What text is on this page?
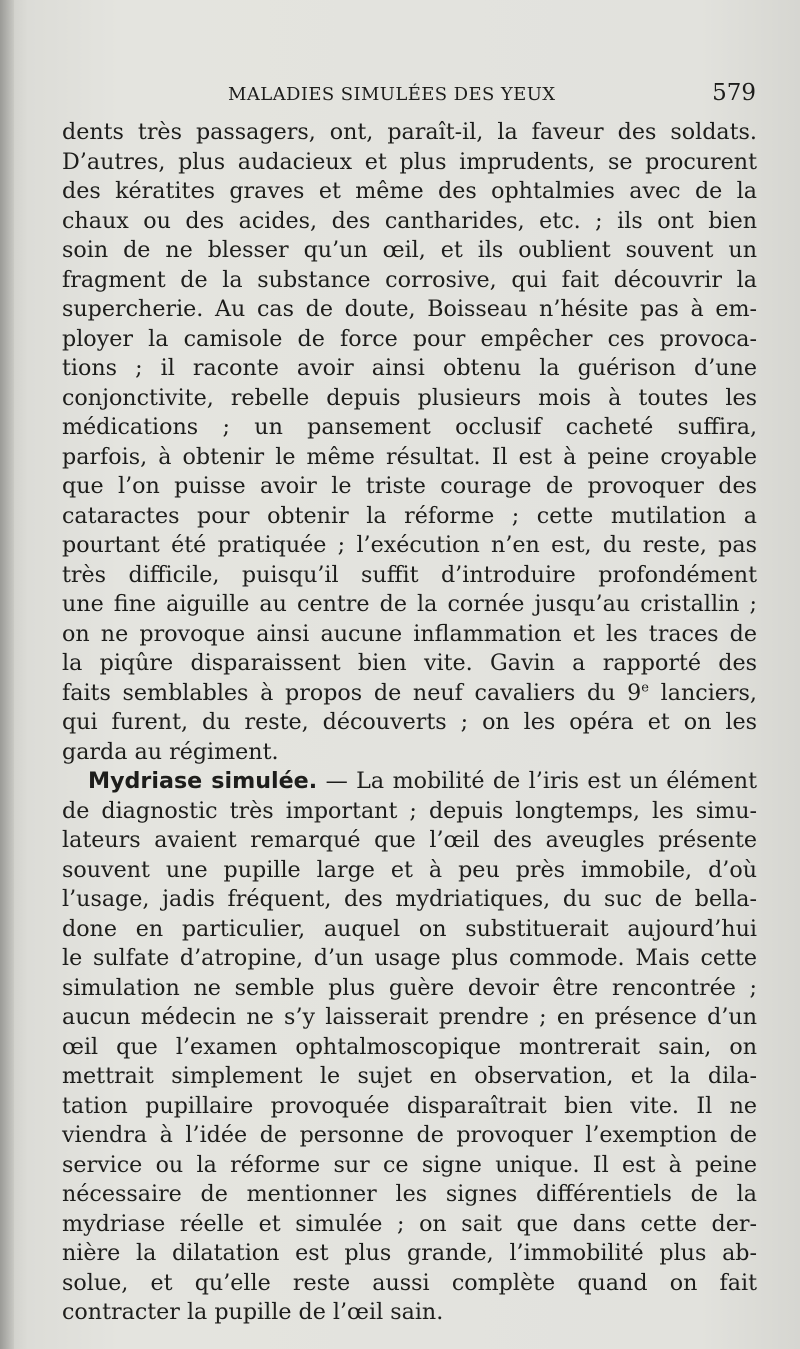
MALADIES SIMULÉES DES YEUX	579
dents très passagers, ont, paraît-il, la faveur des soldats.
D’autres, plus audacieux et plus imprudents, se procurent
des kératites graves et même des ophtalmies avec de la
chaux ou des acides, des cantharides, etc. ; ils ont bien
soin de ne blesser qu’un œil, et ils oublient souvent un
fragment de la substance corrosive, qui fait découvrir la
supercherie. Au cas de doute, Boisseau n’hésite pas à em-
ployer la camisole de force pour empêcher ces provoca-
tions ; il raconte avoir ainsi obtenu la guérison d’une
conjonctivite, rebelle depuis plusieurs mois à toutes les
médications ; un pansement occlusif cacheté suffira,
parfois, à obtenir le même résultat. Il est à peine croyable
que l’on puisse avoir le triste courage de provoquer des
cataractes pour obtenir la réforme ; cette mutilation a
pourtant été pratiquée ; l’exécution n’en est, du reste, pas
très difficile, puisqu’il suffit d’introduire profondément
une fine aiguille au centre de la cornée jusqu’au cristallin ;
on ne provoque ainsi aucune inflammation et les traces de
la piqûre disparaissent bien vite. Gavin a rapporté des
faits semblables à propos de neuf cavaliers du 9e lanciers,
qui furent, du reste, découverts ; on les opéra et on les
garda au régiment.
Mydriase simulée. — La mobilité de l’iris est un élément
de diagnostic très important ; depuis longtemps, les simu-
lateurs avaient remarqué que l’œil des aveugles présente
souvent une pupille large et à peu près immobile, d’où
l’usage, jadis fréquent, des mydriatiques, du suc de bella-
done en particulier, auquel on substituerait aujourd’hui
le sulfate d’atropine, d’un usage plus commode. Mais cette
simulation ne semble plus guère devoir être rencontrée ;
aucun médecin ne s’y laisserait prendre ; en présence d’un
œil que l’examen ophtalmoscopique montrerait sain, on
mettrait simplement le sujet en observation, et la dila-
tation pupillaire provoquée disparaîtrait bien vite. Il ne
viendra à l’idée de personne de provoquer l’exemption de
service ou la réforme sur ce signe unique. Il est à peine
nécessaire de mentionner les signes différentiels de la
mydriase réelle et simulée ; on sait que dans cette der-
nière la dilatation est plus grande, l’immobilité plus ab-
solue, et qu’elle reste aussi complète quand on fait
contracter la pupille de l’œil sain.
